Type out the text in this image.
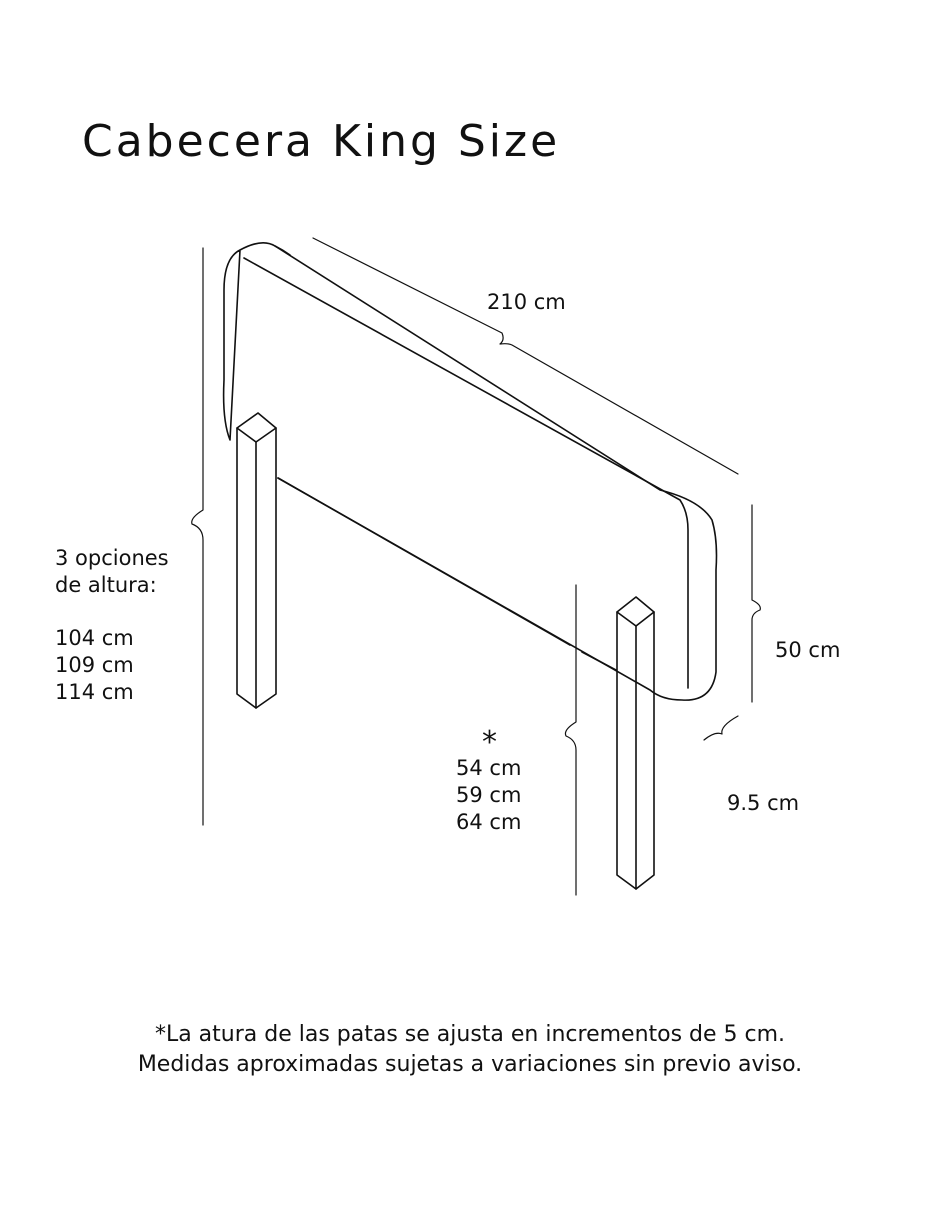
Cabecera King Size
210 cm
50 cm
9.5 cm
3 opciones
de altura:
104 cm
109 cm
114 cm
*
54 cm
59 cm
64 cm
*La atura de las patas se ajusta en incrementos de 5 cm.
Medidas aproximadas sujetas a variaciones sin previo aviso.
